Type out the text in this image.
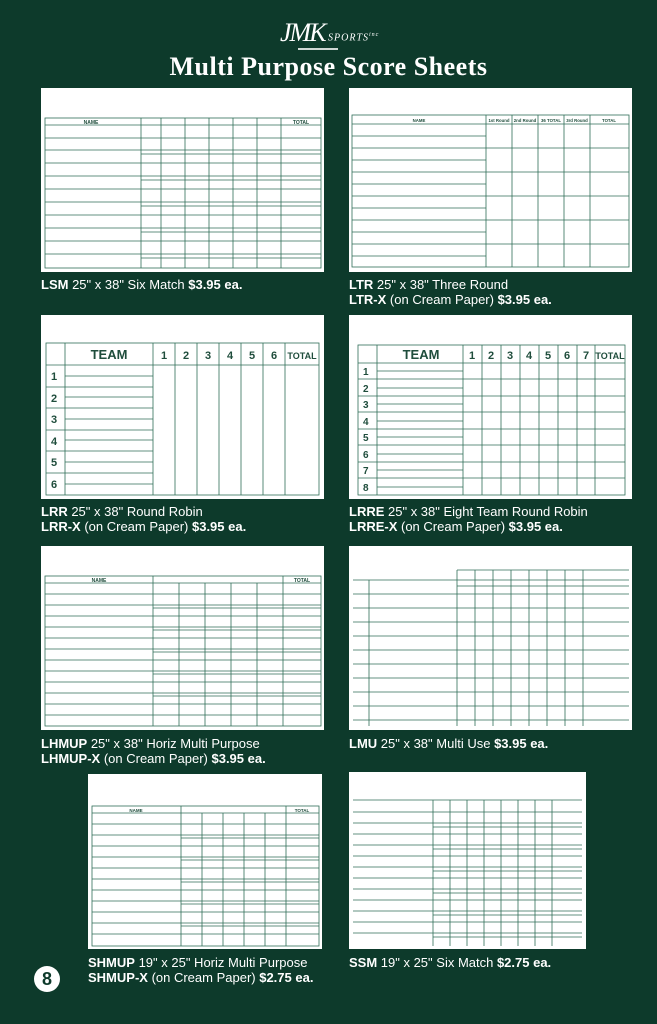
JMK $SPORTS^{inc}$
Multi Purpose Score Sheets
NAME	TOTAL
LSM 25" x 38" Six Match $3.95 ea.
NAME	1st Round 2nd Round 36 TOTAL 3rd Round	TOTAL
LTR 25" x 38" Three Round
LTR-X (on Cream Paper) $3.95 ea.
TEAM	1 2 3 4 5 6 TOTAL
1
2
3
4
5
6
LRR 25" x 38" Round Robin
LRR-X (on Cream Paper) $3.95 ea.
TEAM	1 2 3 4 5 6 7 TOTAL
1
2
3
4
5
6
7
8
LRRE 25" x 38" Eight Team Round Robin
LRRE-X (on Cream Paper) $3.95 ea.
NAME	TOTAL
LHMUP 25" x 38" Horiz Multi Purpose
LHMUP-X (on Cream Paper) $3.95 ea.
LMU 25" x 38" Multi Use $3.95 ea.
NAME	TOTAL
SHMUP 19" x 25" Horiz Multi Purpose
SHMUP-X (on Cream Paper) $2.75 ea.
SSM 19" x 25" Six Match $2.75 ea.
8
